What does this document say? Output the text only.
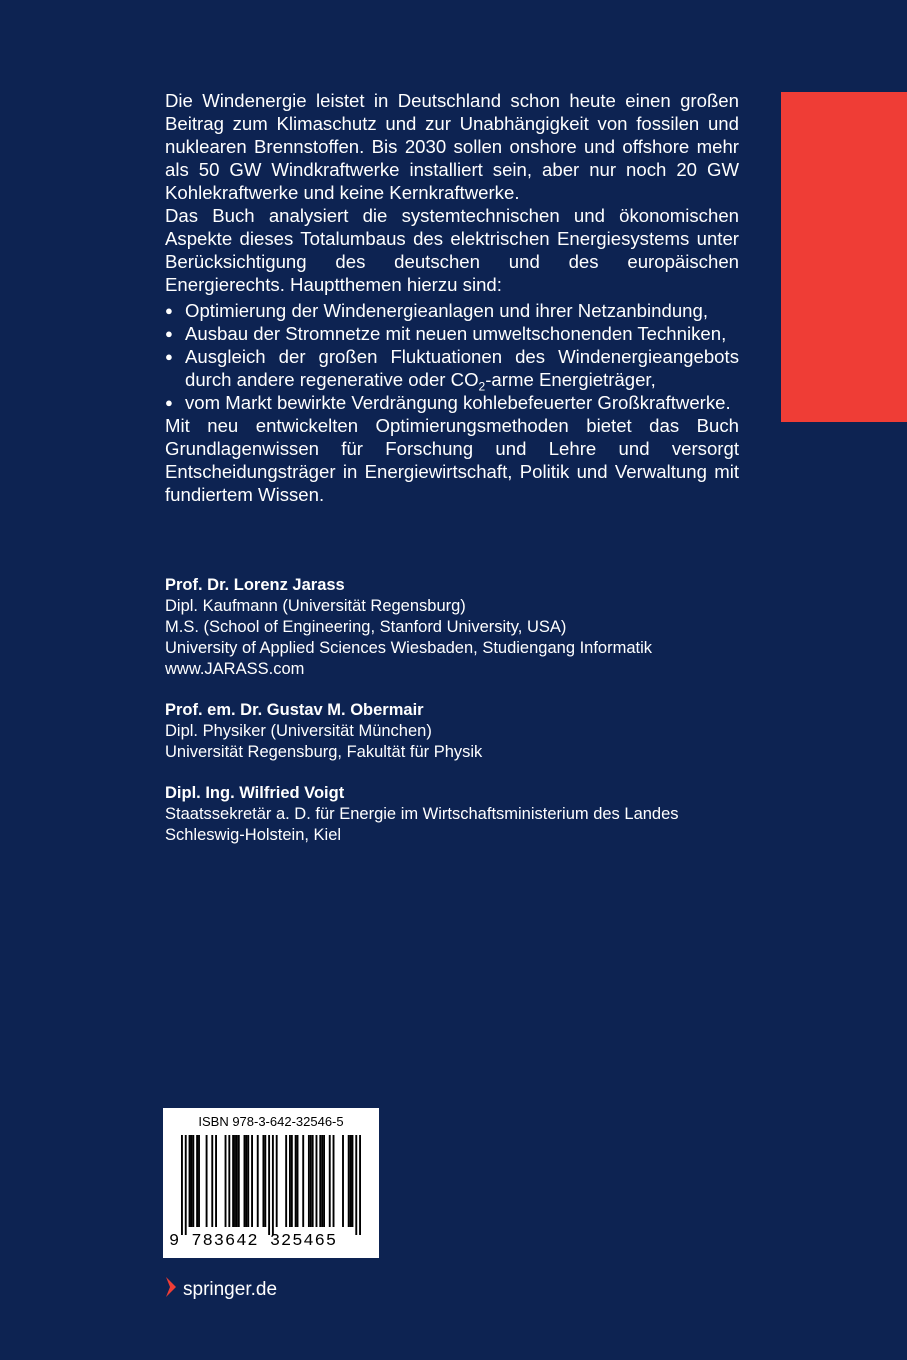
Die Windenergie leistet in Deutschland schon heute einen großen Beitrag zum Klimaschutz und zur Unabhängigkeit von fossilen und nuklearen Brennstoffen. Bis 2030 sollen onshore und offshore mehr als 50 GW Windkraftwerke installiert sein, aber nur noch 20 GW Kohlekraftwerke und keine Kernkraftwerke.

Das Buch analysiert die systemtechnischen und ökonomischen Aspekte dieses Totalumbaus des elektrischen Energiesystems unter Berücksichtigung des deutschen und des europäischen Energierechts. Hauptthemen hierzu sind:

● Optimierung der Windenergieanlagen und ihrer Netzanbindung,
● Ausbau der Stromnetze mit neuen umweltschonenden Techniken,
● Ausgleich der großen Fluktuationen des Windenergieangebots durch andere regenerative oder $CO_2$-arme Energieträger,
● vom Markt bewirkte Verdrängung kohlebefeuerter Großkraftwerke.

Mit neu entwickelten Optimierungsmethoden bietet das Buch Grundlagenwissen für Forschung und Lehre und versorgt Entscheidungsträger in Energiewirtschaft, Politik und Verwaltung mit fundiertem Wissen.

Prof. Dr. Lorenz Jarass
Dipl. Kaufmann (Universität Regensburg)
M.S. (School of Engineering, Stanford University, USA)
University of Applied Sciences Wiesbaden, Studiengang Informatik
www.JARASS.com
Prof. em. Dr. Gustav M. Obermair
Dipl. Physiker (Universität München)
Universität Regensburg, Fakultät für Physik
Dipl. Ing. Wilfried Voigt
Staatssekretär a. D. für Energie im Wirtschaftsministerium des Landes
Schleswig-Holstein, Kiel
ISBN 978-3-642-32546-5
9 783642 325465
springer.de
